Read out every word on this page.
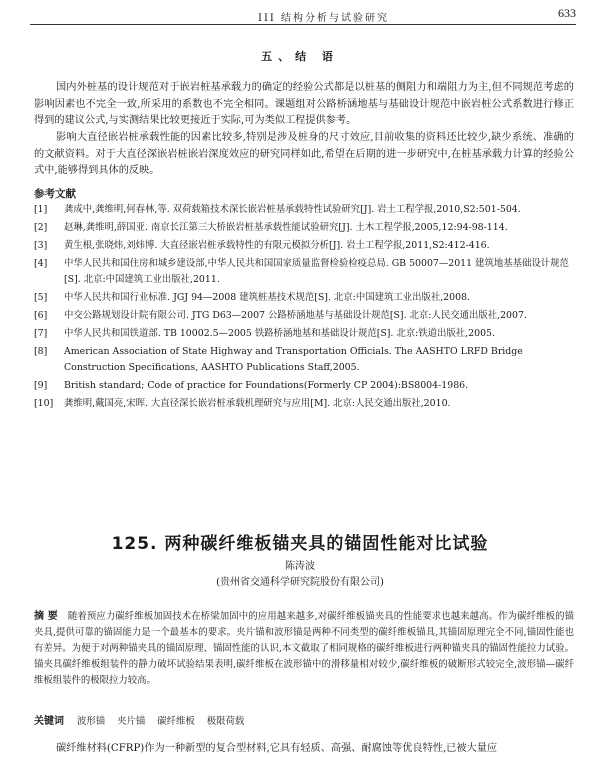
III 结构分析与试验研究	633
五、结 语

国内外桩基的设计规范对于嵌岩桩基承载力的确定的经验公式都是以桩基的侧阻力和端阻力为主,但不同规范考虑的影响因素也不完全一致,所采用的系数也不完全相同。课题组对公路桥涵地基与基础设计规范中嵌岩桩公式系数进行修正得到的建议公式,与实测结果比较更接近于实际,可为类似工程提供参考。

影响大直径嵌岩桩承载性能的因素比较多,特别是涉及桩身的尺寸效应,目前收集的资料还比较少,缺少系统、准确的的文献资料。对于大直径深嵌岩桩嵌岩深度效应的研究同样如此,希望在后期的进一步研究中,在桩基承载力计算的经验公式中,能够得到具体的反映。

参考文献
[1] 龚成中,龚维明,何春林,等. 双荷载箱技术深长嵌岩桩基承载特性试验研究[J]. 岩土工程学报,2010,S2:501-504.
[2] 赵琳,龚维明,薛国亚. 南京长江第三大桥嵌岩桩基承载性能试验研究[J]. 土木工程学报,2005,12:94-98-114.
[3] 黄生根,张晓炜,刘炜博. 大直径嵌岩桩承载特性的有限元模拟分析[J]. 岩土工程学报,2011,S2:412-416.
[4] 中华人民共和国住房和城乡建设部,中华人民共和国国家质量监督检验检疫总局. GB 50007—2011 建筑地基基础设计规范[S]. 北京:中国建筑工业出版社,2011.
[5] 中华人民共和国行业标准. JGJ 94—2008 建筑桩基技术规范[S]. 北京:中国建筑工业出版社,2008.
[6] 中交公路规划设计院有限公司. JTG D63—2007 公路桥涵地基与基础设计规范[S]. 北京:人民交通出版社,2007.
[7] 中华人民共和国铁道部. TB 10002.5—2005 铁路桥涵地基和基础设计规范[S]. 北京:铁道出版社,2005.
[8] American Association of State Highway and Transportation Officials. The AASHTO LRFD Bridge Construction Specifications, AASHTO Publications Staff,2005.
[9] British standard; Code of practice for Foundations(Formerly CP 2004):BS8004-1986.
[10] 龚维明,戴国亮,宋晖. 大直径深长嵌岩桩承载机理研究与应用[M]. 北京:人民交通出版社,2010.
125. 两种碳纤维板锚夹具的锚固性能对比试验
陈涛波
(贵州省交通科学研究院股份有限公司)

摘 要 随着预应力碳纤维板加固技术在桥梁加固中的应用越来越多,对碳纤维板锚夹具的性能要求也越来越高。作为碳纤维板的锚夹具,提供可靠的锚固能力是一个最基本的要求。夹片锚和波形锚是两种不同类型的碳纤维板锚具,其锚固原理完全不同,锚固性能也有差异。为便于对两种锚夹具的锚固原理、锚固性能的认识,本文截取了相同规格的碳纤维板进行两种锚夹具的锚固性能拉力试验。锚夹具碳纤维板组装件的静力破坏试验结果表明,碳纤维板在波形锚中的滑移量相对较少,碳纤维板的破断形式较完全,波形锚—碳纤维板组装件的极限拉力较高。

关键词 波形锚 夹片锚 碳纤维板 极限荷载

碳纤维材料(CFRP)作为一种新型的复合型材料,它具有轻质、高强、耐腐蚀等优良特性,已被大量应
